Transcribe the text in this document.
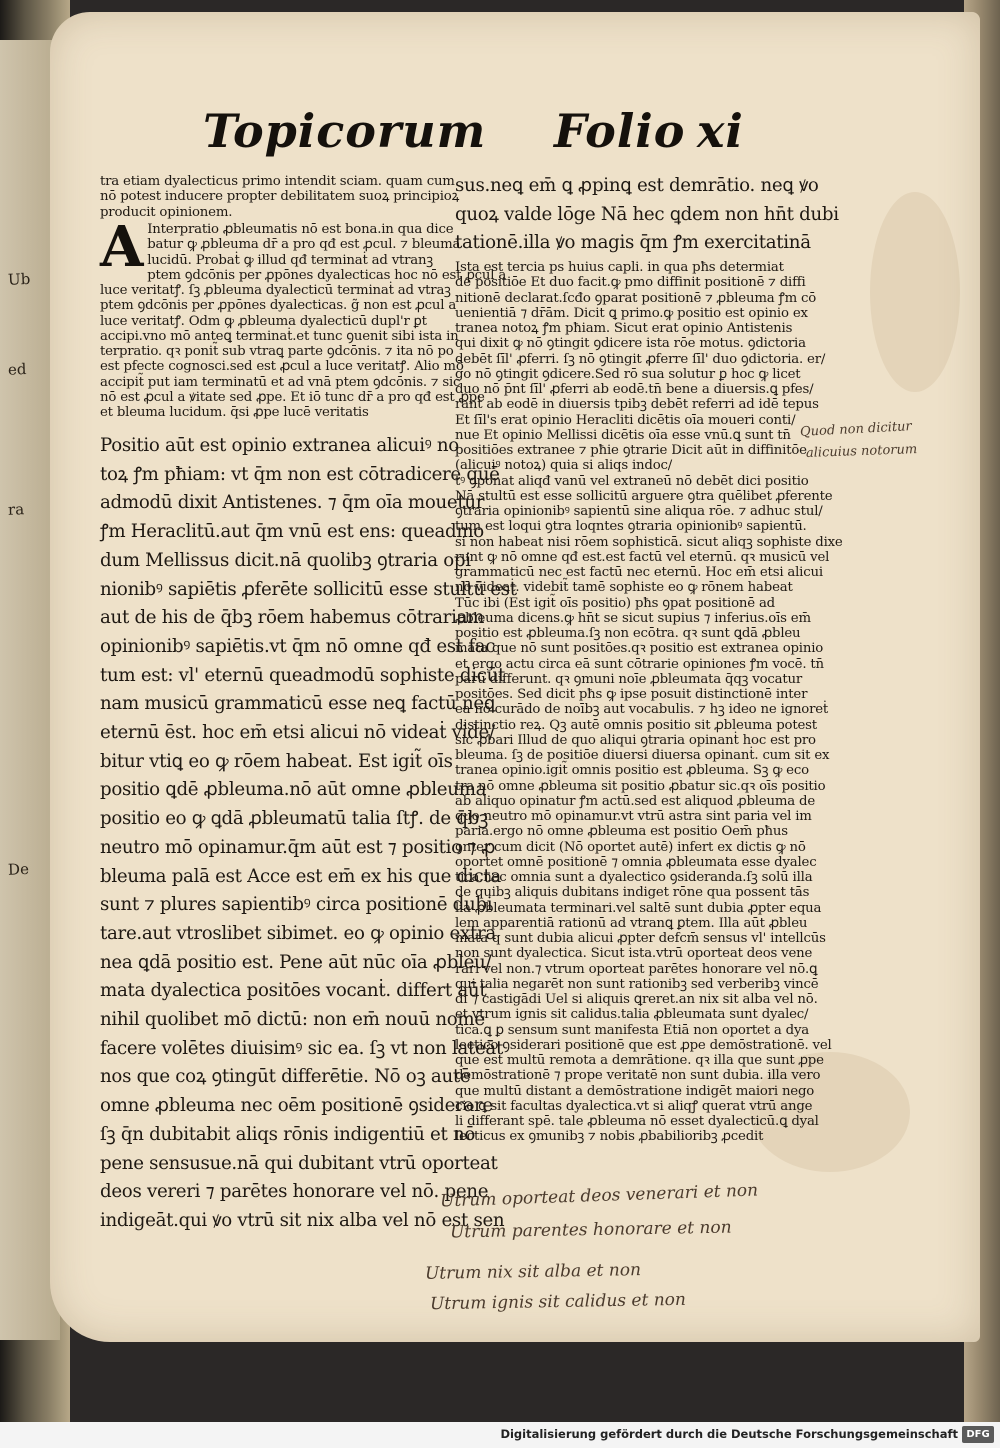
Ub
ed
ra
De
Topicorum Folio xi
tra etiam dyalecticus primo intendit sciam. quam cum
nō potest inducere propter debilitatem suoꝝ principioꝝ
producit opinionem.
A Interpratio ꝓbleumatis nō est bona.in qua dice
batur ꝙ ꝓbleuma dr̄ a pro qđ est ꝓcul. ⁊ bleuma
lucidū. Probaṫ ꝙ illud qđ terminaṫ ad vtranꝫ
ptem ꝯdcōnis per ꝓpōnes dyalecticas hoc nō est ꝓcul a
luce veritatꝭ. ſꝫ ꝓbleuma dyalecticū terminaṫ ad vtraꝫ
ptem ꝯdcōnis per ꝓpōnes dyalecticas. g̃ non est ꝓcul a
luce veritatꝭ. Odm ꝙ ꝓbleuma dyalecticū dupl'r ꝑt
accipi.vno mō anteꝗ terminaṫ.et tunc ꝯuenit sibi ista in
terpratio. qꝛ ponit̃ sub vtraꝗ parte ꝯdcōnis. ⁊ ita nō po
est pfecte cognosci.sed est ꝓcul a luce veritatꝭ. Alio mō
accipit̃ put iam terminatū et ad vnā ptem ꝯdcōnis. ⁊ sic
nō est ꝓcul a ꝟitate sed ꝓpe. Et iō tunc dr̄ a pro qđ est ꝓpe
et bleuma lucidum. q̄si ꝓpe lucē veritatis
Positio aūt est opinio extranea alicuiꝰ no
toꝝ ꝭm pħiam: vt q̄m non est cōtradicere quē
admodū dixit Antistenes. ⁊ q̄m oīa mouetur
ꝭm Heraclitū.aut q̄m vnū est ens: queadmo
dum Mellissus dicit.nā quolibꝫ ꝯtraria opi
nionibꝰ sapiētis ꝓferēte sollicitū esse stultū est
aut de his de q̄bꝫ rōem habemus cōtrariam
opinionibꝰ sapiētis.vt q̄m nō omne qđ est fac
tum est: vl' eternū queadmodū sophiste dicūt
nam musicū grammaticū esse neꝗ factū neꝗ
eternū ēst. hoc em̄ etsi alicui nō videaṫ vide/
bitur vtiꝗ eo ꝙ rōem habeat. Est igit̃ oīs
positio ꝗdē ꝓbleuma.nō aūt omne ꝓbleuma
positio eo ꝙ ꝗdā ꝓbleumatū talia ſtꝭ. de q̄bꝫ
neutro mō opinamur.q̄m aūt est ⁊ positio ⁊ ꝓ
bleuma palā est Acce est em̄ ex his que dicta
sunt ⁊ plures sapientibꝰ circa positionē dubi
tare.aut vtroslibet sibimet. eo ꝙ opinio extra
nea ꝗdā positio est. Pene aūt nūc oīa ꝓbleu/
mata dyalectica positōes vocanṫ. differt aūt
nihil quolibet mō dictū: non em̄ nouū nomē
facere volētes diuisimꝰ sic ea. ſꝫ vt non lateāt
nos que coꝝ ꝯtingūt differētie. Nō oꝫ autē
omne ꝓbleuma nec oēm positionē ꝯsiderare
ſꝫ q̄n dubitabit aliqs rōnis indigentiū et nō
pene sensusue.nā qui dubitant vtrū oporteat
deos vereri ⁊ parētes honorare vel nō. pene
indigeāt.qui ꝟo vtrū sit nix alba vel nō est sen
sus.neꝗ em̄ ꝗ ꝓpinꝗ est demrātio. neꝗ ꝟo
quoꝝ valde lōge Nā hec ꝗdem non hn̄t dubi
tationē.illa ꝟo magis q̄m ꝭm exercitatinā
Ista est tercia ps huius capli. in qua pħs determiat
de positiōe Et duo facit.ꝙ pmo diffinit positionē ⁊ diffi
nitionē declarat.ſcđo ꝯparat positionē ⁊ ꝓbleuma ꝭm cō
uenientiā ⁊ dr̄ām. Dicit ꝗ primo.ꝙ positio est opinio ex
tranea notoꝝ ꝭm pħiam. Sicut erat opinio Antistenis
qui dixit ꝙ nō ꝯtingit ꝯdicere ista rōe motus. ꝯdictoria
debēt ſīl' ꝓferri. ſꝫ nō ꝯtingit ꝓferre ſīl' duo ꝯdictoria. er/
go nō ꝯtingit ꝯdicere.Sed rō sua solutur ꝑ hoc ꝙ licet
duo nō p̄nt ſīl' ꝓferri ab eodē.tn̄ bene a diuersis.ꝗ pfes/
ranṫ ab eodē in diuersis tpibꝫ debēt referri ad idē tepus
Et ſīl's erat opinio Heracliti dicētis oīa moueri conti/
nue Et opinio Mellissi dicētis oīa esse vnū.ꝗ sunt tn̄
positiōes extranee ⁊ pħie ꝯtrarie Dicit aūt in diffinitōe
(alicuiꝰ notoꝝ) quia si aliqs indoc/
tꝰ ꝯponat aliqđ vanū vel extraneū nō debēt dici positio
Nā stultū est esse sollicitū arguere ꝯtra quēlibet ꝓferente
ꝯtraria opinionibꝰ sapientū sine aliqua rōe. ⁊ adhuc stul/
tum est loqui ꝯtra loqntes ꝯtraria opinionibꝰ sapientū.
si non habeat nisi rōem sophisticā. sicut aliqꝫ sophiste dixe
runt ꝙ nō omne qđ est.est factū vel eternū. qꝛ musicū vel
grammaticū nec est factū nec eternū. Hoc em̄ etsi alicui
nō videaṫ. videbit̃ tamē sophiste eo ꝙ rōnem habeat
Tūc ibi (Est igit̃ oīs positio) pħs ꝯpat positionē ad
ꝓbleuma dicens.ꝙ hn̄t se sicut supius ⁊ inferius.oīs em̄
positio est ꝓbleuma.ſꝫ non ecōtra. qꝛ sunt ꝗdā ꝓbleu
mata que nō sunt positōes.qꝛ positio est extranea opinio
et ergo actu circa eā sunt cōtrarie opiniones ꝭm vocē. tn̄
parū differunt. qꝛ ꝯmuni noīe ꝓbleumata q̄qꝫ vocatur
positōes. Sed dicit pħs ꝙ ipse posuit distinctionē inter
ea nō curādo de noībꝫ aut vocabulis. ⁊ hꝫ ideo ne ignoreṫ
distinctio reꝝ. Qꝫ autē omnis positio sit ꝓbleuma potest
sic ꝓbari Illud de quo aliqui ꝯtraria opinanṫ hoc est pro
bleuma. ſꝫ de positiōe diuersi diuersa opinanṫ. cum sit ex
tranea opinio.igit̃ omnis positio est ꝓbleuma. Sꝫ ꝙ eco
tra nō omne ꝓbleuma sit positio ꝓbatur sic.qꝛ oīs positio
ab aliquo opinatur ꝭm actū.sed est aliquod ꝓbleuma de
quo neutro mō opinamur.vt vtrū astra sint paria vel im
paria.ergo nō omne ꝓbleuma est positio Oem̄ pħus
ꝯnter cum dicit (Nō oportet autē) infert ex dictis ꝙ nō
oportet omnē positionē ⁊ omnia ꝓbleumata esse dyalec
tica.nec omnia sunt a dyalectico ꝯsideranda.ſꝫ solū illa
de quibꝫ aliquis dubitans indiget rōne qua possent tās
lia ꝓbleumata terminari.vel saltē sunt dubia ꝓpter equa
lem apparentiā rationū ad vtranꝗ ꝑtem. Illa aūt ꝓbleu
mata q sunt dubia alicui ꝓpter defcm̄ sensus vl' intellcūs
non sunt dyalectica. Sicut ista.vtrū oporteat deos vene
rari vel non.⁊ vtrum oporteat parētes honorare vel nō.ꝗ
qui talia negarēt non sunt rationibꝫ sed verberibꝫ vincē
di ⁊ castigādi Uel si aliquis ꝗreret.an nix sit alba vel nō.
et vtrum ignis sit calidus.talia ꝓbleumata sunt dyalec/
tica.ꝗ ꝑ sensum sunt manifesta Etiā non oportet a dya
lectico ꝯsiderari positionē que est ꝓpe demōstrationē. vel
que est multū remota a demrātione. qꝛ illa que sunt ꝓpe
demōstrationē ⁊ prope veritatē non sunt dubia. illa vero
que multū distant a demōstratione indigēt maiori nego
cio ꝗ sit facultas dyalectica.vt si aliqꝭ querat vtrū ange
li differant spē. tale ꝓbleuma nō esset dyalecticū.ꝗ dyal
lecticus ex ꝯmunibꝫ ⁊ nobis ꝓbabilioribꝫ ꝓcedit
Quod non dicitur
alicuius notorum
Utrum oporteat deos venerari et non
Utrum parentes honorare et non
Utrum nix sit alba et non
Utrum ignis sit calidus et non
Digitalisierung gefördert durch die Deutsche Forschungsgemeinschaft DFG
